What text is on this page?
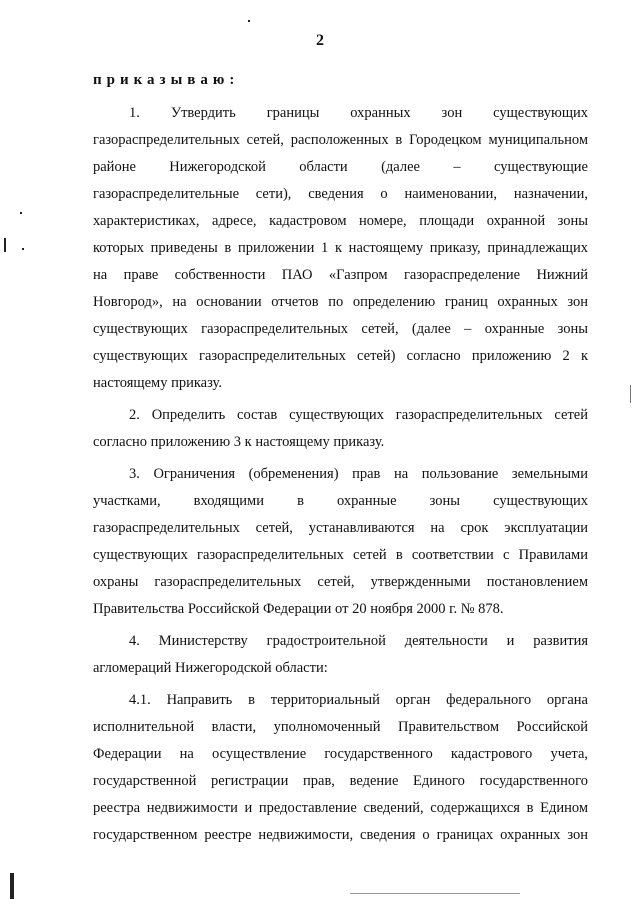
2
приказываю:
1. Утвердить границы охранных зон существующих
газораспределительных сетей, расположенных в Городецком муниципальном
районе Нижегородской области (далее – существующие
газораспределительные сети), сведения о наименовании, назначении,
характеристиках, адресе, кадастровом номере, площади охранной зоны
которых приведены в приложении 1 к настоящему приказу, принадлежащих
на праве собственности ПАО «Газпром газораспределение Нижний
Новгород», на основании отчетов по определению границ охранных зон
существующих газораспределительных сетей, (далее – охранные зоны
существующих газораспределительных сетей) согласно приложению 2 к
настоящему приказу.
2. Определить состав существующих газораспределительных сетей
согласно приложению 3 к настоящему приказу.
3. Ограничения (обременения) прав на пользование земельными
участками, входящими в охранные зоны существующих
газораспределительных сетей, устанавливаются на срок эксплуатации
существующих газораспределительных сетей в соответствии с Правилами
охраны газораспределительных сетей, утвержденными постановлением
Правительства Российской Федерации от 20 ноября 2000 г. № 878.
4. Министерству градостроительной деятельности и развития
агломераций Нижегородской области:
4.1. Направить в территориальный орган федерального органа
исполнительной власти, уполномоченный Правительством Российской
Федерации на осуществление государственного кадастрового учета,
государственной регистрации прав, ведение Единого государственного
реестра недвижимости и предоставление сведений, содержащихся в Едином
государственном реестре недвижимости, сведения о границах охранных зон
